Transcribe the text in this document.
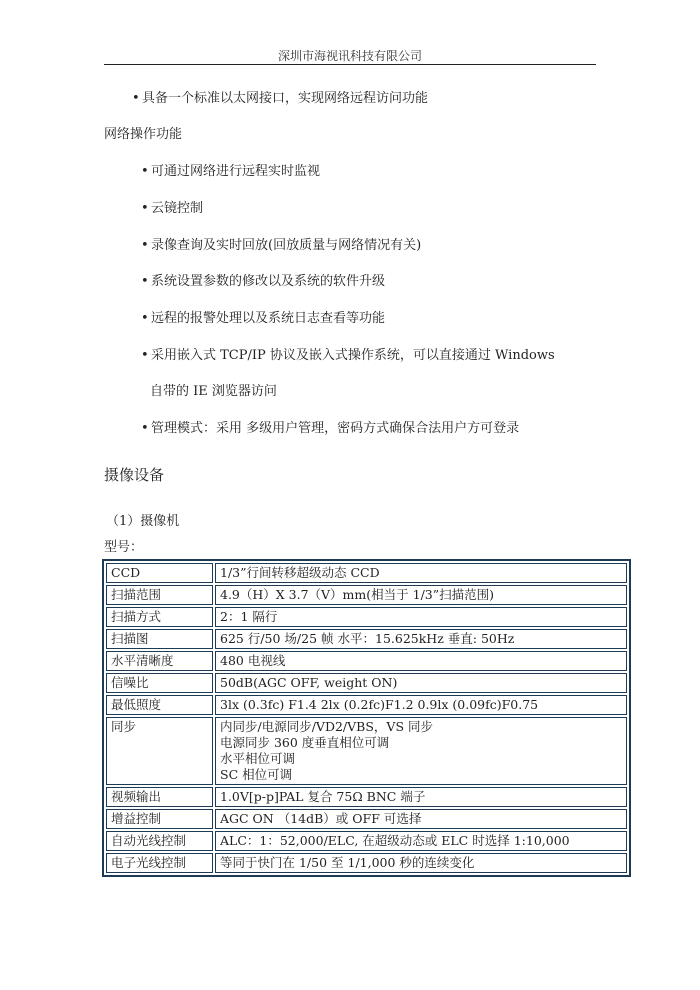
深圳市海视讯科技有限公司
• 具备一个标准以太网接口，实现网络远程访问功能
网络操作功能
• 可通过网络进行远程实时监视
• 云镜控制
• 录像查询及实时回放(回放质量与网络情况有关)
• 系统设置参数的修改以及系统的软件升级
• 远程的报警处理以及系统日志查看等功能
• 采用嵌入式 TCP/IP 协议及嵌入式操作系统，可以直接通过 Windows
自带的 IE 浏览器访问
• 管理模式：采用 多级用户管理，密码方式确保合法用户方可登录
摄像设备
（1）摄像机
型号：
CCD	1/3”行间转移超级动态 CCD

扫描范围	4.9（H）X 3.7（V）mm(相当于 1/3”扫描范围)

扫描方式	2：1 隔行

扫描图	625 行/50 场/25 帧 水平：15.625kHz 垂直: 50Hz

水平清晰度	480 电视线

信噪比	50dB(AGC OFF, weight ON)

最低照度	3lx (0.3fc) F1.4 2lx (0.2fc)F1.2 0.9lx (0.09fc)F0.75

同步	内同步/电源同步/VD2/VBS，VS 同步
电源同步 360 度垂直相位可调
水平相位可调
SC 相位可调

视频输出	1.0V[p-p]PAL 复合 75Ω BNC 端子

增益控制	AGC ON （14dB）或 OFF 可选择

自动光线控制	ALC：1：52,000/ELC, 在超级动态或 ELC 时选择 1:10,000

电子光线控制	等同于快门在 1/50 至 1/1,000 秒的连续变化
